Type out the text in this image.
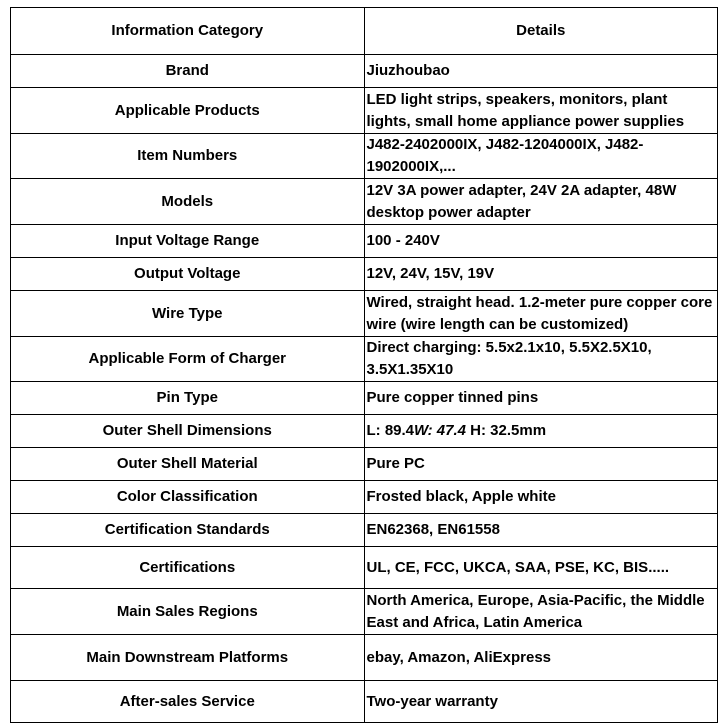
Information Category	Details
Brand	Jiuzhoubao
Applicable Products	LED light strips, speakers, monitors, plant lights, small home appliance power supplies
Item Numbers	J482-2402000IX, J482-1204000IX, J482-1902000IX,...
Models	12V 3A power adapter, 24V 2A adapter, 48W desktop power adapter
Input Voltage Range	100 - 240V
Output Voltage	12V, 24V, 15V, 19V
Wire Type	Wired, straight head. 1.2-meter pure copper core wire (wire length can be customized)
Applicable Form of Charger	Direct charging: 5.5x2.1x10, 5.5X2.5X10, 3.5X1.35X10
Pin Type	Pure copper tinned pins
Outer Shell Dimensions	L: 89.4W: 47.4 H: 32.5mm
Outer Shell Material	Pure PC
Color Classification	Frosted black, Apple white
Certification Standards	EN62368, EN61558
Certifications	UL, CE, FCC, UKCA, SAA, PSE, KC, BIS.....
Main Sales Regions	North America, Europe, Asia-Pacific, the Middle East and Africa, Latin America
Main Downstream Platforms	ebay, Amazon, AliExpress
After-sales Service	Two-year warranty
